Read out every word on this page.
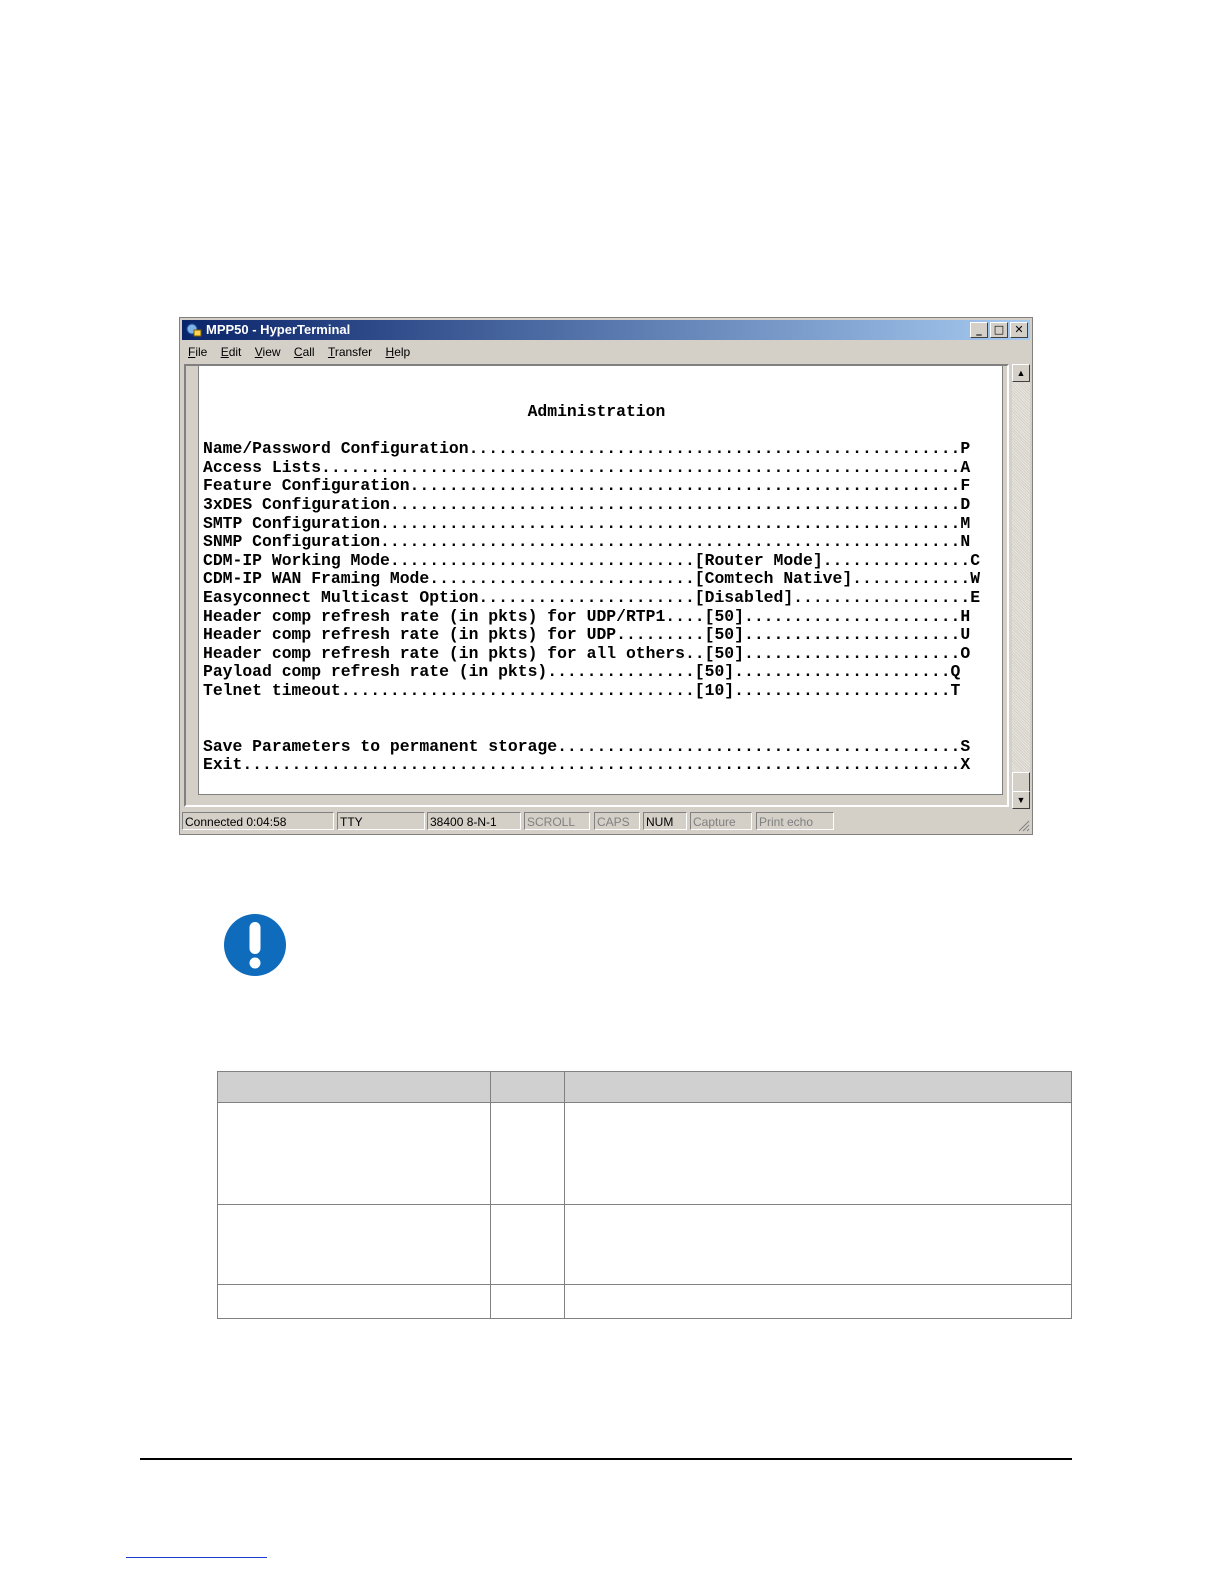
MPP50 - HyperTerminal	_ □ ✕
File Edit View Call Transfer Help
Administration
Name/Password Configuration..................................................P
Access Lists.................................................................A
Feature Configuration........................................................F
3xDES Configuration..........................................................D
SMTP Configuration...........................................................M
SNMP Configuration...........................................................N
CDM-IP Working Mode...............................[Router Mode]...............C
CDM-IP WAN Framing Mode...........................[Comtech Native]............W
Easyconnect Multicast Option......................[Disabled]..................E
Header comp refresh rate (in pkts) for UDP/RTP1....[50]......................H
Header comp refresh rate (in pkts) for UDP.........[50]......................U
Header comp refresh rate (in pkts) for all others..[50]......................O
Payload comp refresh rate (in pkts)...............[50]......................Q
Telnet timeout....................................[10]......................T
Save Parameters to permanent storage.........................................S
Exit.........................................................................X
▲
▼
Connected 0:04:58	TTY	38400 8-N-1	SCROLL	CAPS	NUM	Capture	Print echo
